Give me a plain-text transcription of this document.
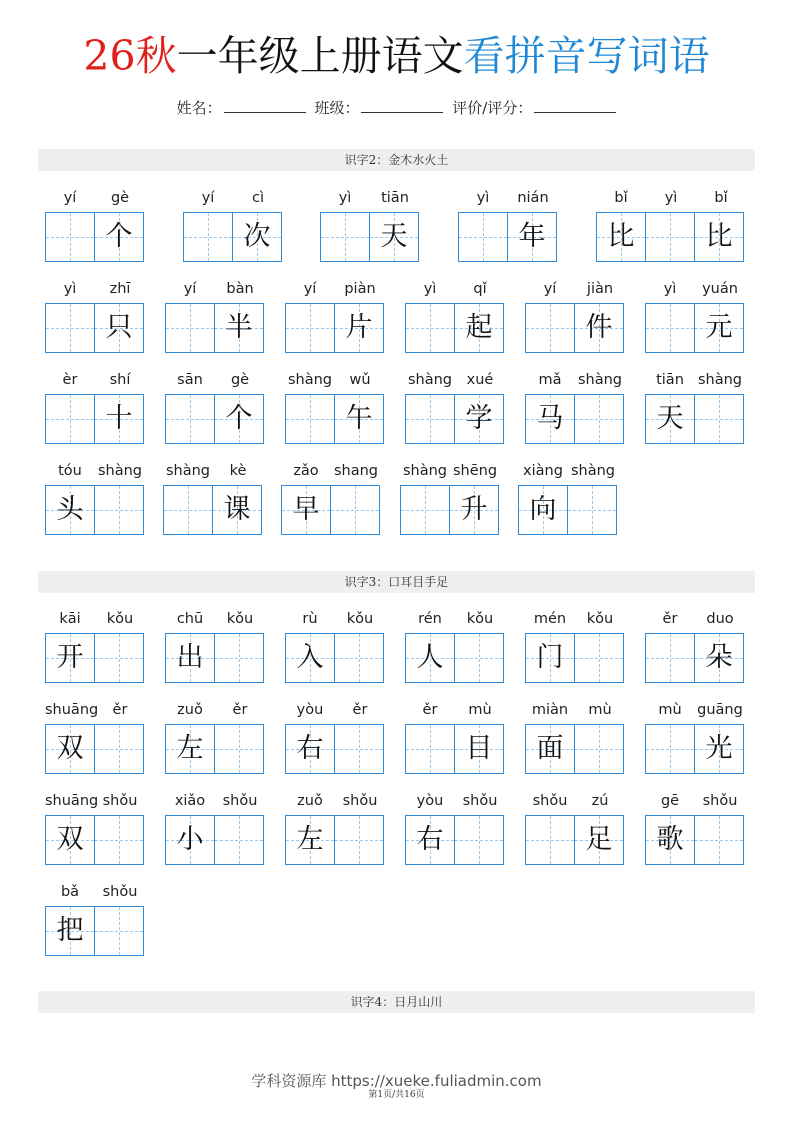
26秋一年级上册语文看拼音写词语
姓名：	班级：	评价/评分：
识字2：金木水火土
yí	gè
个
yí	cì
次
yì	tiān
天
yì	nián
年
bǐ	yì	bǐ
比	比
yì	zhī
只
yí	bàn
半
yí	piàn
片
yì	qǐ
起
yí	jiàn
件
yì	yuán
元
èr	shí
十
sān	gè
个
shàng	wǔ
午
shàng	xué
学
mǎ	shàng
马
tiān shàng
天
tóu	shàng
头
shàng	kè
课
zǎo	shang
早
shàng shēng
升
xiàng shàng
向
识字3：口耳目手足
kāi	kǒu
开
chū	kǒu
出
rù	kǒu
入
rén	kǒu
人
mén	kǒu
门
ěr	duo
朵
shuāng ěr
双
zuǒ	ěr
左
yòu	ěr
右
ěr	mù
目
miàn	mù
面
mù	guāng
光
shuāng shǒu
双
xiǎo	shǒu
小
zuǒ	shǒu
左
yòu	shǒu
右
shǒu	zú
足
gē	shǒu
歌
bǎ	shǒu
把
识字4：日月山川
学科资源库 https://xueke.fuliadmin.com
第1页/共16页
